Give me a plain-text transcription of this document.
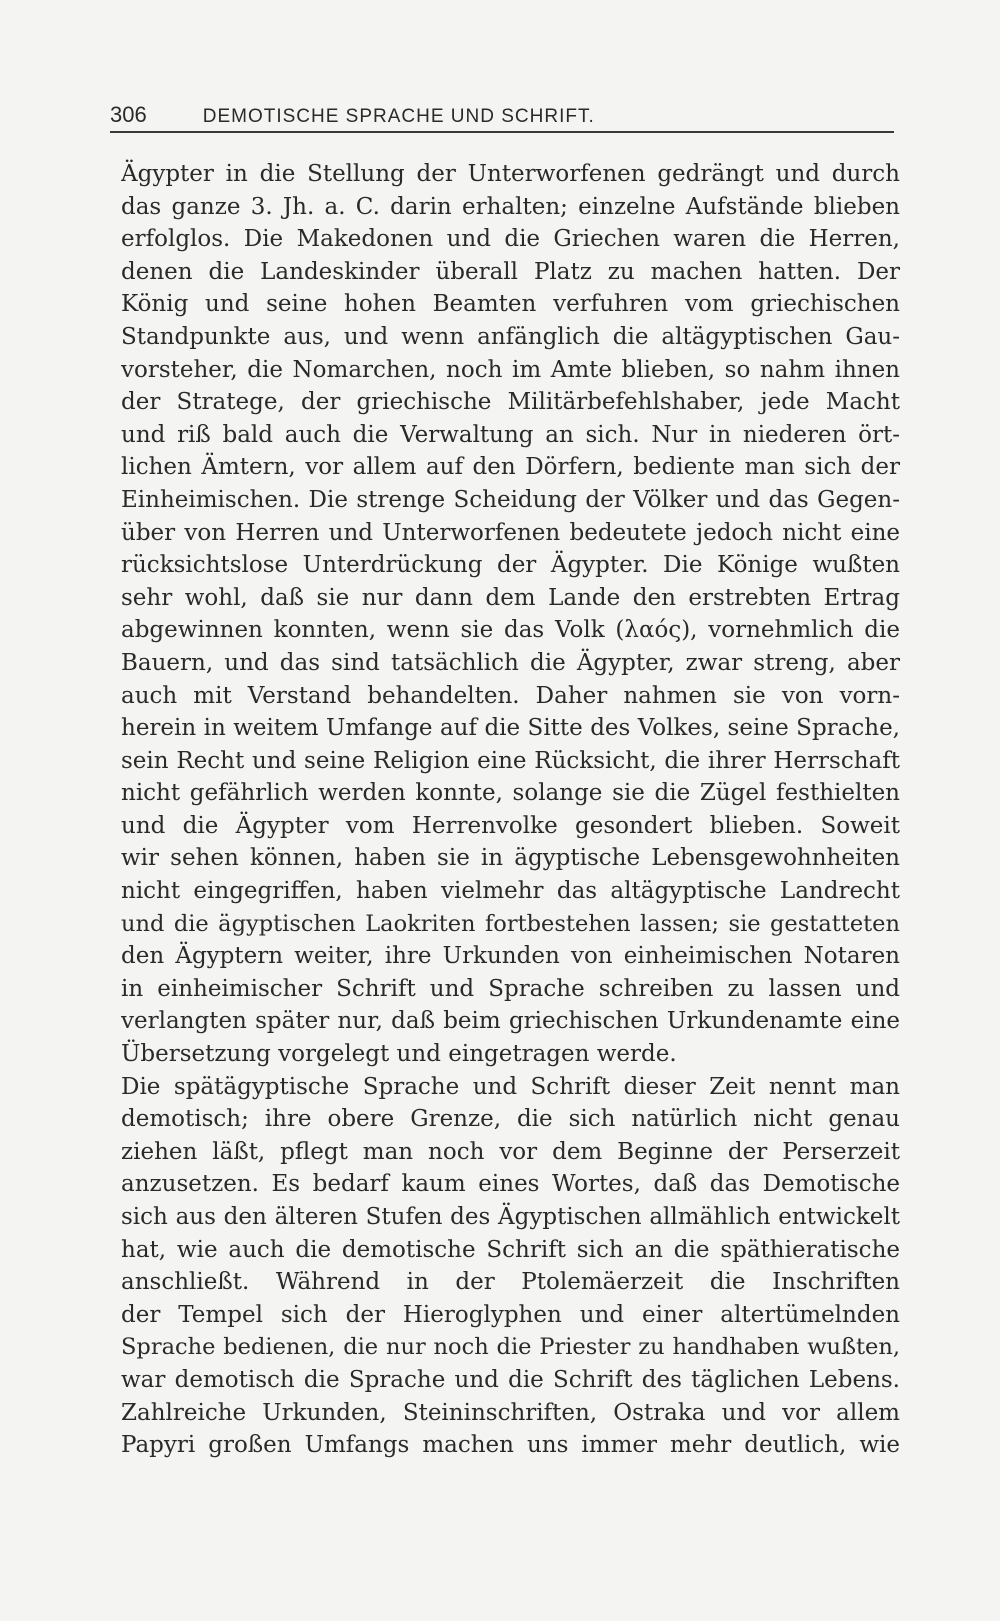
306	DEMOTISCHE SPRACHE UND SCHRIFT.
Ägypter in die Stellung der Unterworfenen gedrängt und durch
das ganze 3. Jh. a. C. darin erhalten; einzelne Aufstände blieben
erfolglos. Die Makedonen und die Griechen waren die Herren,
denen die Landeskinder überall Platz zu machen hatten. Der
König und seine hohen Beamten verfuhren vom griechischen
Standpunkte aus, und wenn anfänglich die altägyptischen Gau-
vorsteher, die Nomarchen, noch im Amte blieben, so nahm ihnen
der Stratege, der griechische Militärbefehlshaber, jede Macht
und riß bald auch die Verwaltung an sich. Nur in niederen ört-
lichen Ämtern, vor allem auf den Dörfern, bediente man sich der
Einheimischen. Die strenge Scheidung der Völker und das Gegen-
über von Herren und Unterworfenen bedeutete jedoch nicht eine
rücksichtslose Unterdrückung der Ägypter. Die Könige wußten
sehr wohl, daß sie nur dann dem Lande den erstrebten Ertrag
abgewinnen konnten, wenn sie das Volk (λαός), vornehmlich die
Bauern, und das sind tatsächlich die Ägypter, zwar streng, aber
auch mit Verstand behandelten. Daher nahmen sie von vorn-
herein in weitem Umfange auf die Sitte des Volkes, seine Sprache,
sein Recht und seine Religion eine Rücksicht, die ihrer Herrschaft
nicht gefährlich werden konnte, solange sie die Zügel festhielten
und die Ägypter vom Herrenvolke gesondert blieben. Soweit
wir sehen können, haben sie in ägyptische Lebensgewohnheiten
nicht eingegriffen, haben vielmehr das altägyptische Landrecht
und die ägyptischen Laokriten fortbestehen lassen; sie gestatteten
den Ägyptern weiter, ihre Urkunden von einheimischen Notaren
in einheimischer Schrift und Sprache schreiben zu lassen und
verlangten später nur, daß beim griechischen Urkundenamte eine
Übersetzung vorgelegt und eingetragen werde.
Die spätägyptische Sprache und Schrift dieser Zeit nennt man
demotisch; ihre obere Grenze, die sich natürlich nicht genau
ziehen läßt, pflegt man noch vor dem Beginne der Perserzeit
anzusetzen. Es bedarf kaum eines Wortes, daß das Demotische
sich aus den älteren Stufen des Ägyptischen allmählich entwickelt
hat, wie auch die demotische Schrift sich an die späthieratische
anschließt. Während in der Ptolemäerzeit die Inschriften
der Tempel sich der Hieroglyphen und einer altertümelnden
Sprache bedienen, die nur noch die Priester zu handhaben wußten,
war demotisch die Sprache und die Schrift des täglichen Lebens.
Zahlreiche Urkunden, Steininschriften, Ostraka und vor allem
Papyri großen Umfangs machen uns immer mehr deutlich, wie
